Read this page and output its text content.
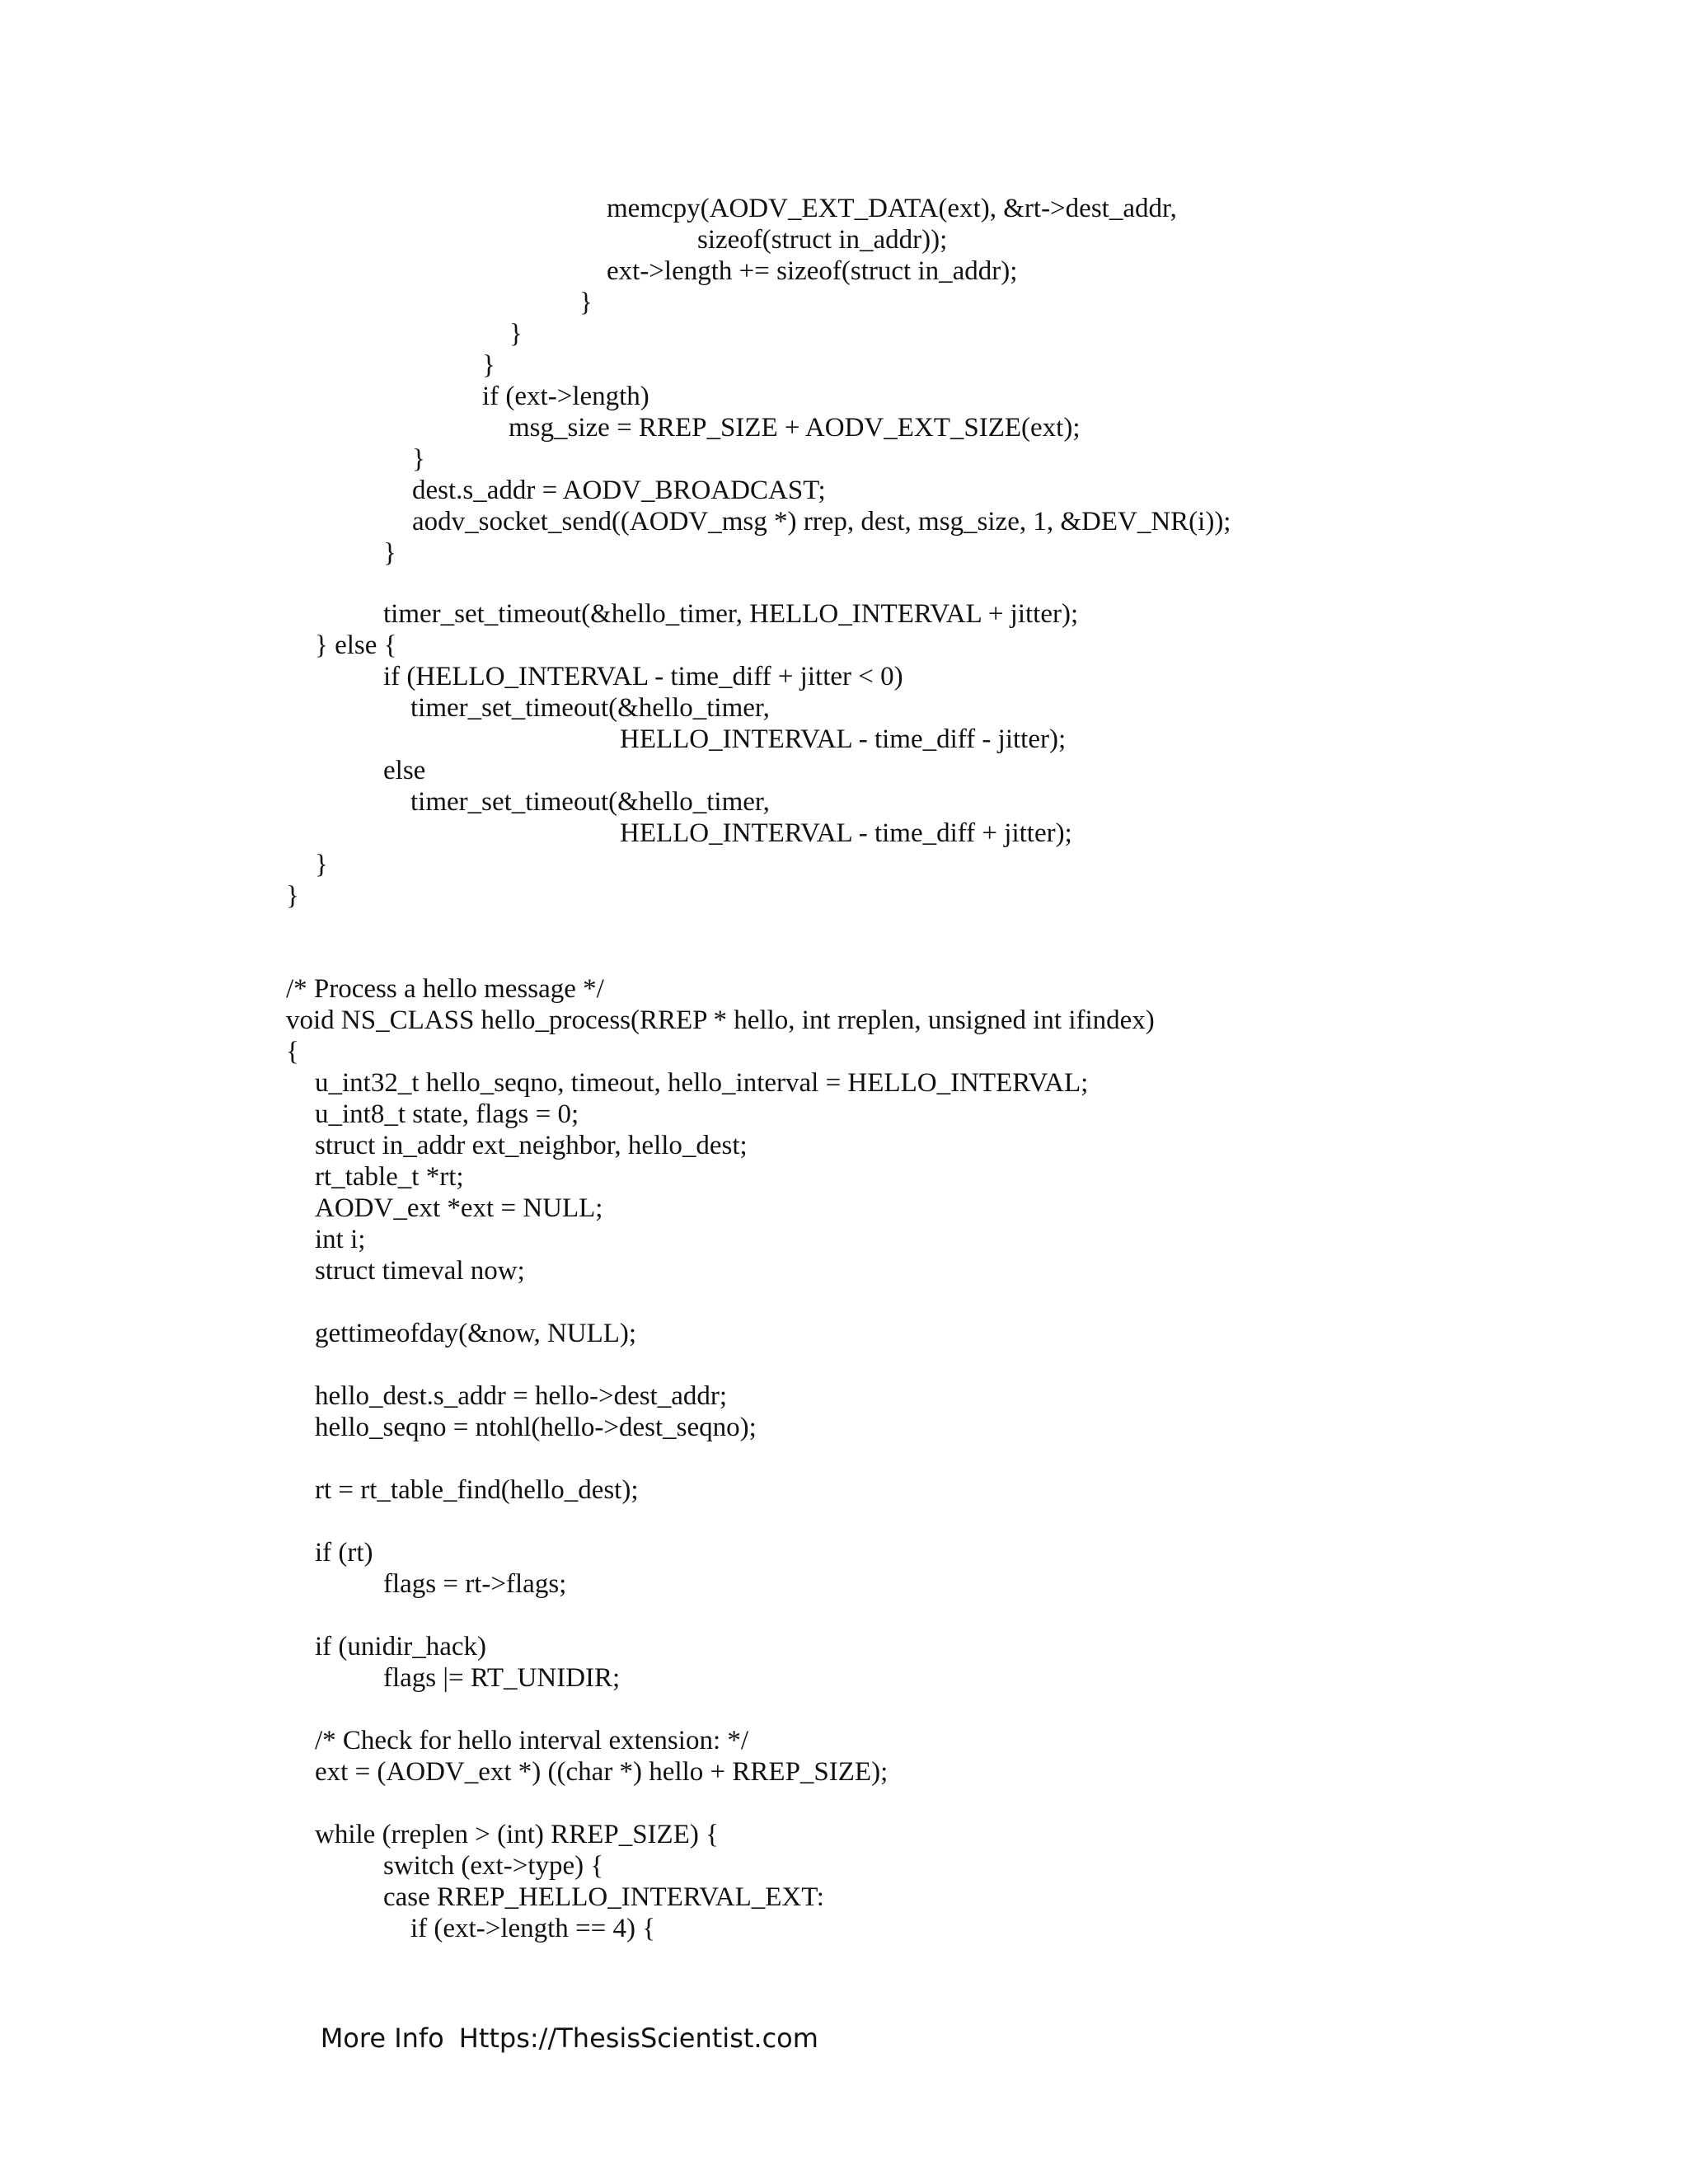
memcpy(AODV_EXT_DATA(ext), &rt->dest_addr,
sizeof(struct in_addr));
ext->length += sizeof(struct in_addr);
}
}
}
if (ext->length)
msg_size = RREP_SIZE + AODV_EXT_SIZE(ext);
}
dest.s_addr = AODV_BROADCAST;
aodv_socket_send((AODV_msg *) rrep, dest, msg_size, 1, &DEV_NR(i));
}
timer_set_timeout(&hello_timer, HELLO_INTERVAL + jitter);
} else {
if (HELLO_INTERVAL - time_diff + jitter < 0)
timer_set_timeout(&hello_timer,
HELLO_INTERVAL - time_diff - jitter);
else
timer_set_timeout(&hello_timer,
HELLO_INTERVAL - time_diff + jitter);
}
}
/* Process a hello message */
void NS_CLASS hello_process(RREP * hello, int rreplen, unsigned int ifindex)
{
u_int32_t hello_seqno, timeout, hello_interval = HELLO_INTERVAL;
u_int8_t state, flags = 0;
struct in_addr ext_neighbor, hello_dest;
rt_table_t *rt;
AODV_ext *ext = NULL;
int i;
struct timeval now;
gettimeofday(&now, NULL);
hello_dest.s_addr = hello->dest_addr;
hello_seqno = ntohl(hello->dest_seqno);
rt = rt_table_find(hello_dest);
if (rt)
flags = rt->flags;
if (unidir_hack)
flags |= RT_UNIDIR;
/* Check for hello interval extension: */
ext = (AODV_ext *) ((char *) hello + RREP_SIZE);
while (rreplen > (int) RREP_SIZE) {
switch (ext->type) {
case RREP_HELLO_INTERVAL_EXT:
if (ext->length == 4) {

More Info Https://ThesisScientist.com
